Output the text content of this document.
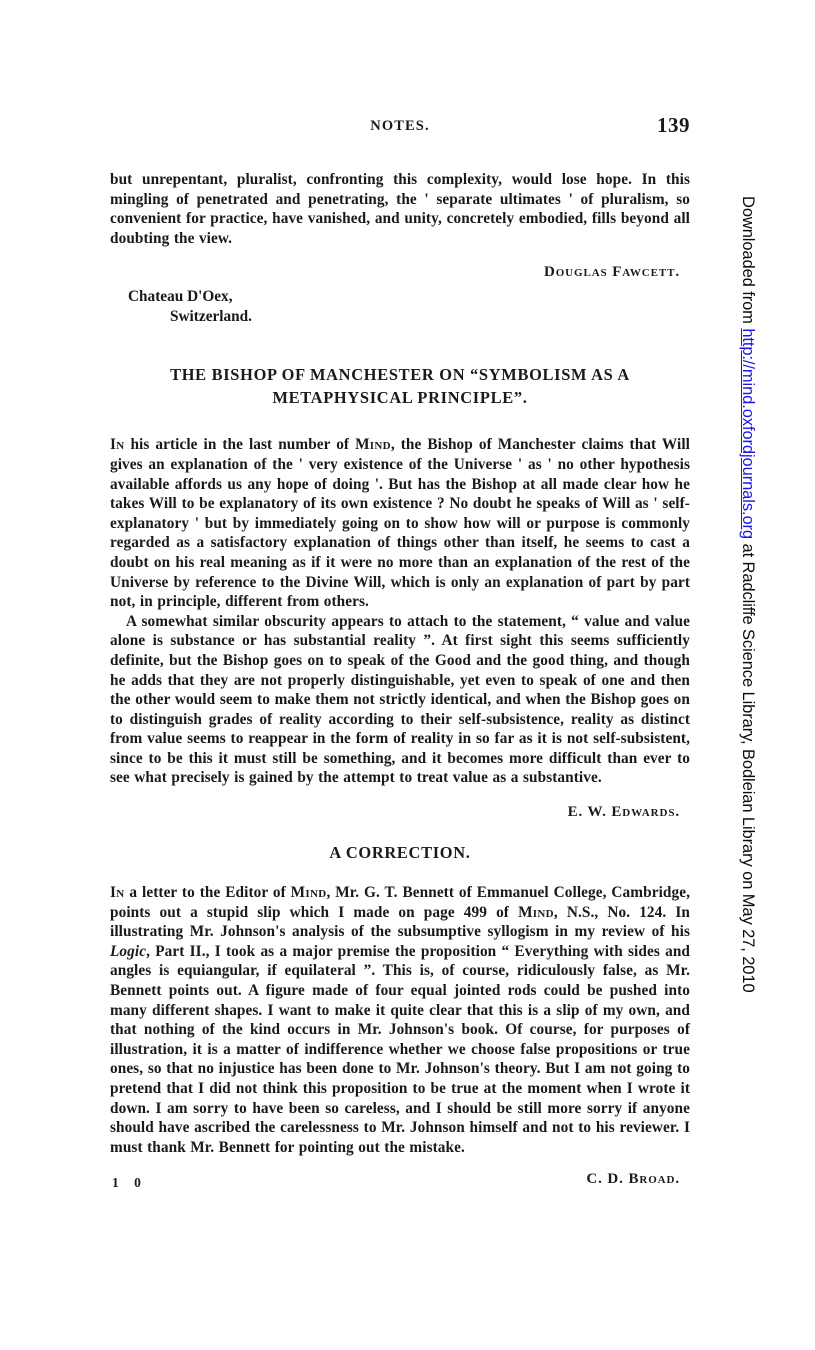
NOTES.	139

but unrepentant, pluralist, confronting this complexity, would lose hope. In this mingling of penetrated and penetrating, the ' separate ultimates ' of pluralism, so convenient for practice, have vanished, and unity, concretely embodied, fills beyond all doubting the view.

Douglas Fawcett.
Chateau D'Oex,
Switzerland.
THE BISHOP OF MANCHESTER ON “SYMBOLISM AS A
METAPHYSICAL PRINCIPLE”.

In his article in the last number of Mind, the Bishop of Manchester claims that Will gives an explanation of the ' very existence of the Universe ' as ' no other hypothesis available affords us any hope of doing '. But has the Bishop at all made clear how he takes Will to be explanatory of its own existence ? No doubt he speaks of Will as ' self-explanatory ' but by immediately going on to show how will or purpose is commonly regarded as a satisfactory explanation of things other than itself, he seems to cast a doubt on his real meaning as if it were no more than an explanation of the rest of the Universe by reference to the Divine Will, which is only an explanation of part by part not, in principle, different from others.

A somewhat similar obscurity appears to attach to the statement, “ value and value alone is substance or has substantial reality ”. At first sight this seems sufficiently definite, but the Bishop goes on to speak of the Good and the good thing, and though he adds that they are not properly distinguishable, yet even to speak of one and then the other would seem to make them not strictly identical, and when the Bishop goes on to distinguish grades of reality according to their self-subsistence, reality as distinct from value seems to reappear in the form of reality in so far as it is not self-subsistent, since to be this it must still be something, and it becomes more difficult than ever to see what precisely is gained by the attempt to treat value as a substantive.

E. W. Edwards.
A CORRECTION.

In a letter to the Editor of Mind, Mr. G. T. Bennett of Emmanuel College, Cambridge, points out a stupid slip which I made on page 499 of Mind, N.S., No. 124. In illustrating Mr. Johnson's analysis of the subsumptive syllogism in my review of his Logic, Part II., I took as a major premise the proposition “ Everything with sides and angles is equiangular, if equilateral ”. This is, of course, ridiculously false, as Mr. Bennett points out. A figure made of four equal jointed rods could be pushed into many different shapes. I want to make it quite clear that this is a slip of my own, and that nothing of the kind occurs in Mr. Johnson's book. Of course, for purposes of illustration, it is a matter of indifference whether we choose false propositions or true ones, so that no injustice has been done to Mr. Johnson's theory. But I am not going to pretend that I did not think this proposition to be true at the moment when I wrote it down. I am sorry to have been so careless, and I should be still more sorry if anyone should have ascribed the carelessness to Mr. Johnson himself and not to his reviewer. I must thank Mr. Bennett for pointing out the mistake.

1 0	C. D. Broad.
Downloaded from http://mind.oxfordjournals.org at Radcliffe Science Library, Bodleian Library on May 27, 2010
